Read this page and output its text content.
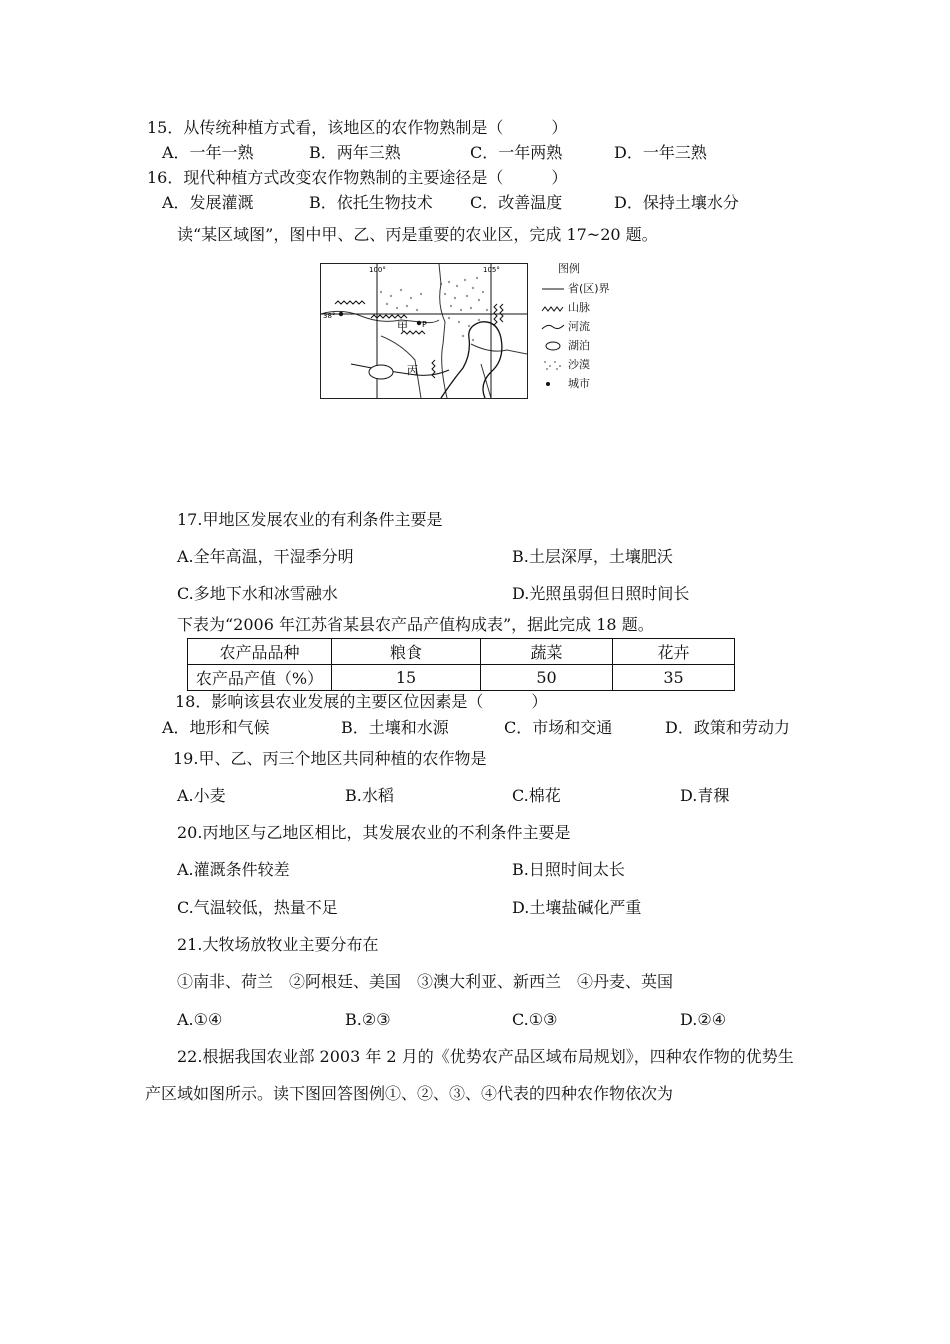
15．从传统种植方式看，该地区的农作物熟制是（　　　）
A．一年一熟	B．两年三熟	C．一年两熟	D．一年三熟
16．现代种植方式改变农作物熟制的主要途径是（　　　）
A．发展灌溉	B．依托生物技术 C．改善温度	D．保持土壤水分
读“某区域图”，图中甲、乙、丙是重要的农业区，完成 17~20 题。
100°	105°
38°
甲 P
丙
图例
省(区)界
山脉
河流
湖泊
沙漠
城市
17.甲地区发展农业的有利条件主要是
A.全年高温，干湿季分明	B.土层深厚，土壤肥沃
C.多地下水和冰雪融水	D.光照虽弱但日照时间长
下表为“2006 年江苏省某县农产品产值构成表”，据此完成 18 题。
农产品品种	粮食	蔬菜	花卉
农产品产值（%）	15	50	35
18．影响该县农业发展的主要区位因素是（　　　）
A．地形和气候	B．土壤和水源	C．市场和交通	D．政策和劳动力
19.甲、乙、丙三个地区共同种植的农作物是
A.小麦	B.水稻	C.棉花	D.青稞
20.丙地区与乙地区相比，其发展农业的不利条件主要是
A.灌溉条件较差	B.日照时间太长
C.气温较低，热量不足	D.土壤盐碱化严重
21.大牧场放牧业主要分布在
①南非、荷兰　②阿根廷、美国　③澳大利亚、新西兰　④丹麦、英国
A.①④	B.②③	C.①③	D.②④
22.根据我国农业部 2003 年 2 月的《优势农产品区域布局规划》，四种农作物的优势生
产区域如图所示。读下图回答图例①、②、③、④代表的四种农作物依次为
